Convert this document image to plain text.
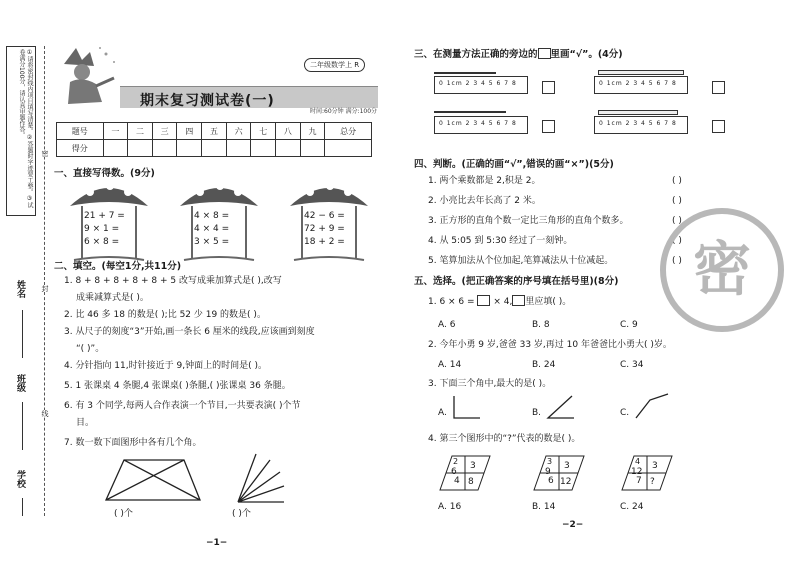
①请将密封线内项目填写清楚。②答题时字迹要工整。③试卷满分100分，请认真审题作答。
密
封
线
姓名
班级
学校
二年级数学上 R
期末复习测试卷(一)
时间:60分钟 满分:100分
题号	一	二	三	四	五	六	七	八	九	总分
得分										
一、直接写得数。(9分)
21 + 7 =
9 × 1 =
6 × 8 =
4 × 8 =
4 × 4 =
3 × 5 =
42 − 6 =
72 + 9 =
18 + 2 =
二、填空。(每空1分,共11分)
1. 8 + 8 + 8 + 8 + 8 + 5 改写成乘加算式是( ),改写
成乘减算式是( )。
2. 比 46 多 18 的数是( );比 52 少 19 的数是( )。
3. 从尺子的刻度“3”开始,画一条长 6 厘米的线段,应该画到刻度
“( )”。
4. 分针指向 11,时针接近于 9,钟面上的时间是( )。
5. 1 张课桌 4 条腿,4 张课桌( )条腿,( )张课桌 36 条腿。
6. 有 3 个同学,每两人合作表演一个节目,一共要表演( )个节
目。
7. 数一数下面图形中各有几个角。
( )个	( )个
−1−
三、在测量方法正确的旁边的 里画“√”。(4分)
0 1cm 2 3 4 5 6 7 8	0 1cm 2 3 4 5 6 7 8
0 1cm 2 3 4 5 6 7 8	0 1cm 2 3 4 5 6 7 8
四、判断。(正确的画“√”,错误的画“×”)(5分)
1. 两个乘数都是 2,积是 2。	( )
2. 小亮比去年长高了 2 米。	( )
3. 正方形的直角个数一定比三角形的直角个数多。	( )
4. 从 5:05 到 5:30 经过了一刻钟。	( )
5. 笔算加法从个位加起,笔算减法从十位减起。	( )
五、选择。(把正确答案的序号填在括号里)(8分)
1. 6 × 6 = × 4, 里应填( )。
A. 6	B. 8	C. 9
2. 今年小勇 9 岁,爸爸 33 岁,再过 10 年爸爸比小勇大( )岁。
A. 14	B. 24	C. 34
3. 下面三个角中,最大的是( )。
A.	B.	C.
4. 第三个图形中的“?”代表的数是( )。
2
6
3
4 8
3
9
3
6 12
4
12
3
7 ?
A. 16	B. 14	C. 24
−2−
密
